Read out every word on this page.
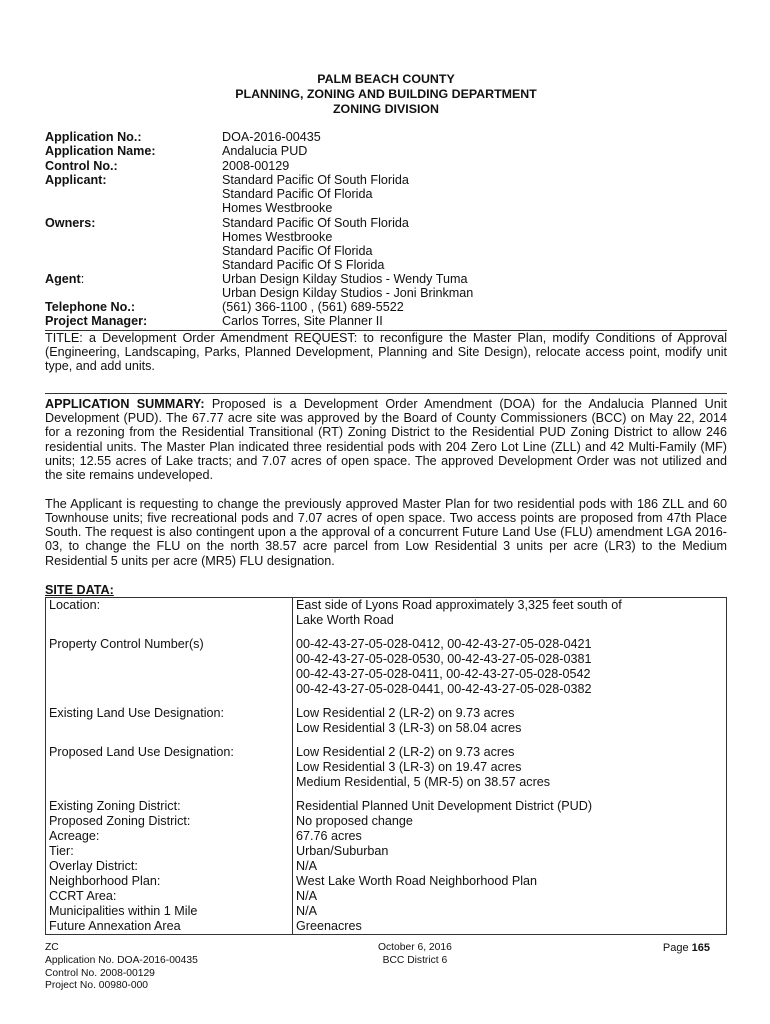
PALM BEACH COUNTY
PLANNING, ZONING AND BUILDING DEPARTMENT
ZONING DIVISION
Application No.:	DOA-2016-00435
Application Name:	Andalucia PUD
Control No.:	2008-00129
Applicant:	Standard Pacific Of South Florida
Standard Pacific Of Florida
Homes Westbrooke
Owners:	Standard Pacific Of South Florida
Homes Westbrooke
Standard Pacific Of Florida
Standard Pacific Of S Florida
Agent:	Urban Design Kilday Studios - Wendy Tuma
Urban Design Kilday Studios - Joni Brinkman
Telephone No.:	(561) 366-1100 , (561) 689-5522
Project Manager:	Carlos Torres, Site Planner II
TITLE: a Development Order Amendment REQUEST: to reconfigure the Master Plan, modify Conditions of Approval (Engineering, Landscaping, Parks, Planned Development, Planning and Site Design), relocate access point, modify unit type, and add units.
APPLICATION SUMMARY: Proposed is a Development Order Amendment (DOA) for the Andalucia Planned Unit Development (PUD). The 67.77 acre site was approved by the Board of County Commissioners (BCC) on May 22, 2014 for a rezoning from the Residential Transitional (RT) Zoning District to the Residential PUD Zoning District to allow 246 residential units. The Master Plan indicated three residential pods with 204 Zero Lot Line (ZLL) and 42 Multi-Family (MF) units; 12.55 acres of Lake tracts; and 7.07 acres of open space. The approved Development Order was not utilized and the site remains undeveloped.
The Applicant is requesting to change the previously approved Master Plan for two residential pods with 186 ZLL and 60 Townhouse units; five recreational pods and 7.07 acres of open space. Two access points are proposed from 47th Place South. The request is also contingent upon a the approval of a concurrent Future Land Use (FLU) amendment LGA 2016-03, to change the FLU on the north 38.57 acre parcel from Low Residential 3 units per acre (LR3) to the Medium Residential 5 units per acre (MR5) FLU designation.
SITE DATA:
Location:	East side of Lyons Road approximately 3,325 feet south of
Lake Worth Road

Property Control Number(s)	00-42-43-27-05-028-0412, 00-42-43-27-05-028-0421
00-42-43-27-05-028-0530, 00-42-43-27-05-028-0381
00-42-43-27-05-028-0411, 00-42-43-27-05-028-0542
00-42-43-27-05-028-0441, 00-42-43-27-05-028-0382

Existing Land Use Designation:	Low Residential 2 (LR-2) on 9.73 acres
Low Residential 3 (LR-3) on 58.04 acres

Proposed Land Use Designation:	Low Residential 2 (LR-2) on 9.73 acres
Low Residential 3 (LR-3) on 19.47 acres
Medium Residential, 5 (MR-5) on 38.57 acres

Existing Zoning District:	Residential Planned Unit Development District (PUD)

Proposed Zoning District:	No proposed change

Acreage:	67.76 acres

Tier:	Urban/Suburban

Overlay District:	N/A

Neighborhood Plan:	West Lake Worth Road Neighborhood Plan

CCRT Area:	N/A

Municipalities within 1 Mile	N/A

Future Annexation Area	Greenacres
ZC
Application No. DOA-2016-00435
Control No. 2008-00129
Project No. 00980-000
October 6, 2016
BCC District 6
Page 165
